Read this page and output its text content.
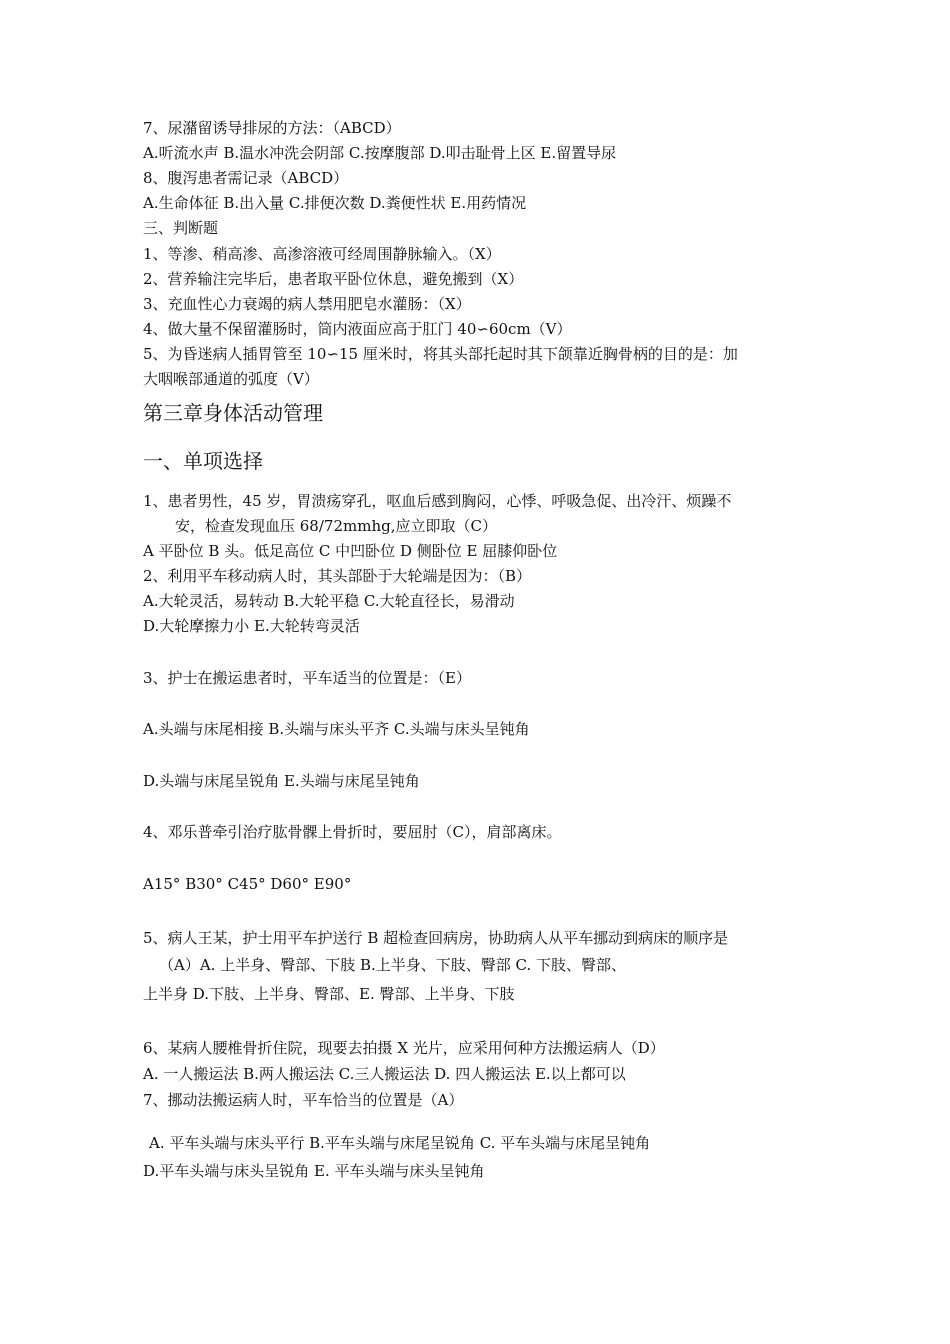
7、尿潴留诱导排尿的方法：（ABCD）
A.听流水声 B.温水冲洗会阴部 C.按摩腹部 D.叩击耻骨上区 E.留置导尿
8、腹泻患者需记录（ABCD）
A.生命体征 B.出入量 C.排便次数 D.粪便性状 E.用药情况
三、判断题
1、等渗、稍高渗、高渗溶液可经周围静脉输入。（X）
2、营养输注完毕后，患者取平卧位休息，避免搬到（X）
3、充血性心力衰竭的病人禁用肥皂水灌肠：（X）
4、做大量不保留灌肠时，筒内液面应高于肛门 40∽60cm（V）
5、为昏迷病人插胃管至 10∽15 厘米时，将其头部托起时其下颌靠近胸骨柄的目的是：加
大咽喉部通道的弧度（V）
第三章身体活动管理
一、单项选择
1、患者男性，45 岁，胃溃疡穿孔，呕血后感到胸闷，心悸、呼吸急促、出冷汗、烦躁不
安，检查发现血压 68/72mmhg,应立即取（C）
A 平卧位 B 头。低足高位 C 中凹卧位 D 侧卧位 E 屈膝仰卧位
2、利用平车移动病人时，其头部卧于大轮端是因为：（B）
A.大轮灵活，易转动 B.大轮平稳 C.大轮直径长，易滑动
D.大轮摩擦力小 E.大轮转弯灵活
3、护士在搬运患者时，平车适当的位置是：（E）
A.头端与床尾相接 B.头端与床头平齐 C.头端与床头呈钝角
D.头端与床尾呈锐角 E.头端与床尾呈钝角
4、邓乐普牵引治疗肱骨髁上骨折时，要屈肘（C），肩部离床。
A15° B30° C45° D60° E90°
5、病人王某，护士用平车护送行 B 超检查回病房，协助病人从平车挪动到病床的顺序是
（A）A. 上半身、臀部、下肢 B.上半身、下肢、臀部 C. 下肢、臀部、
上半身 D.下肢、上半身、臀部、E. 臀部、上半身、下肢
6、某病人腰椎骨折住院，现要去拍摄 X 光片，应采用何种方法搬运病人（D）
A. 一人搬运法 B.两人搬运法 C.三人搬运法 D. 四人搬运法 E.以上都可以
7、挪动法搬运病人时，平车恰当的位置是（A）
A. 平车头端与床头平行 B.平车头端与床尾呈锐角 C. 平车头端与床尾呈钝角
D.平车头端与床头呈锐角 E. 平车头端与床头呈钝角
